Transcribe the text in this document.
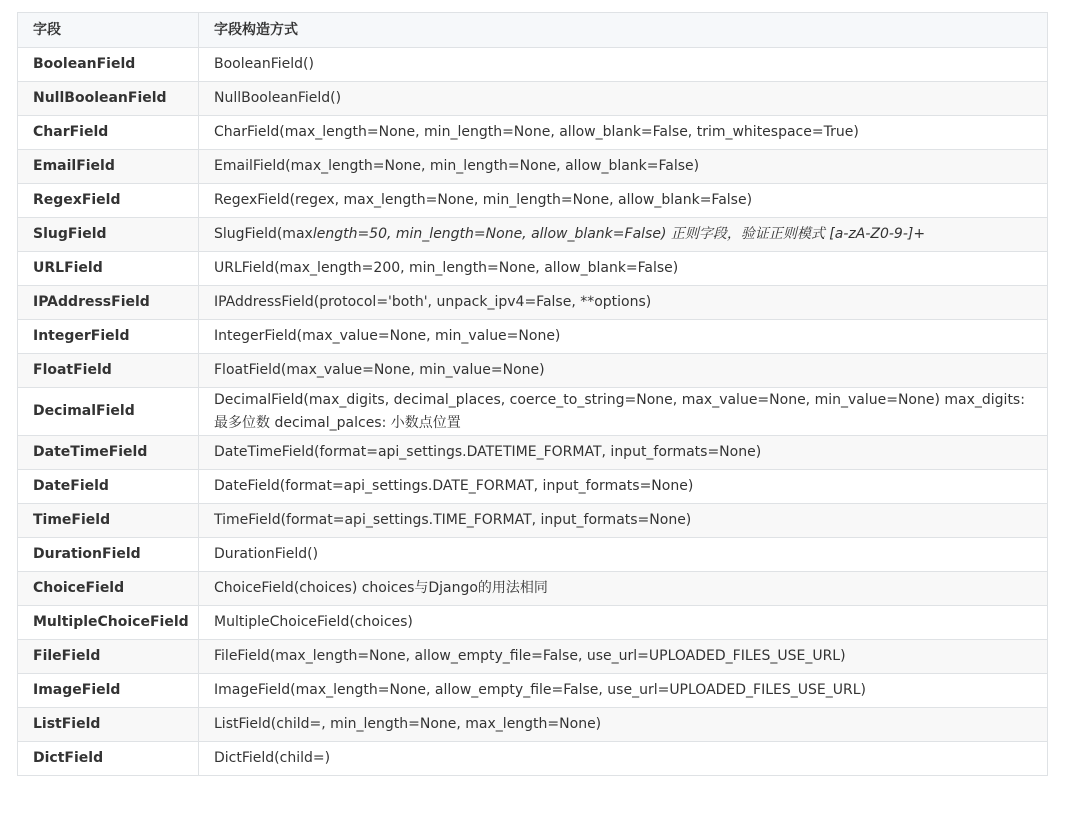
字段	字段构造方式
BooleanField	BooleanField()
NullBooleanField	NullBooleanField()
CharField	CharField(max_length=None, min_length=None, allow_blank=False, trim_whitespace=True)
EmailField	EmailField(max_length=None, min_length=None, allow_blank=False)
RegexField	RegexField(regex, max_length=None, min_length=None, allow_blank=False)
SlugField	SlugField(maxlength=50, min_length=None, allow_blank=False) 正则字段，验证正则模式 [a-zA-Z0-9-]+
URLField	URLField(max_length=200, min_length=None, allow_blank=False)
IPAddressField	IPAddressField(protocol='both', unpack_ipv4=False, **options)
IntegerField	IntegerField(max_value=None, min_value=None)
FloatField	FloatField(max_value=None, min_value=None)
DecimalField	DecimalField(max_digits, decimal_places, coerce_to_string=None, max_value=None, min_value=None) max_digits: 最多位数 decimal_palces: 小数点位置
DateTimeField	DateTimeField(format=api_settings.DATETIME_FORMAT, input_formats=None)
DateField	DateField(format=api_settings.DATE_FORMAT, input_formats=None)
TimeField	TimeField(format=api_settings.TIME_FORMAT, input_formats=None)
DurationField	DurationField()
ChoiceField	ChoiceField(choices) choices与Django的用法相同
MultipleChoiceField	MultipleChoiceField(choices)
FileField	FileField(max_length=None, allow_empty_file=False, use_url=UPLOADED_FILES_USE_URL)
ImageField	ImageField(max_length=None, allow_empty_file=False, use_url=UPLOADED_FILES_USE_URL)
ListField	ListField(child=, min_length=None, max_length=None)
DictField	DictField(child=)
